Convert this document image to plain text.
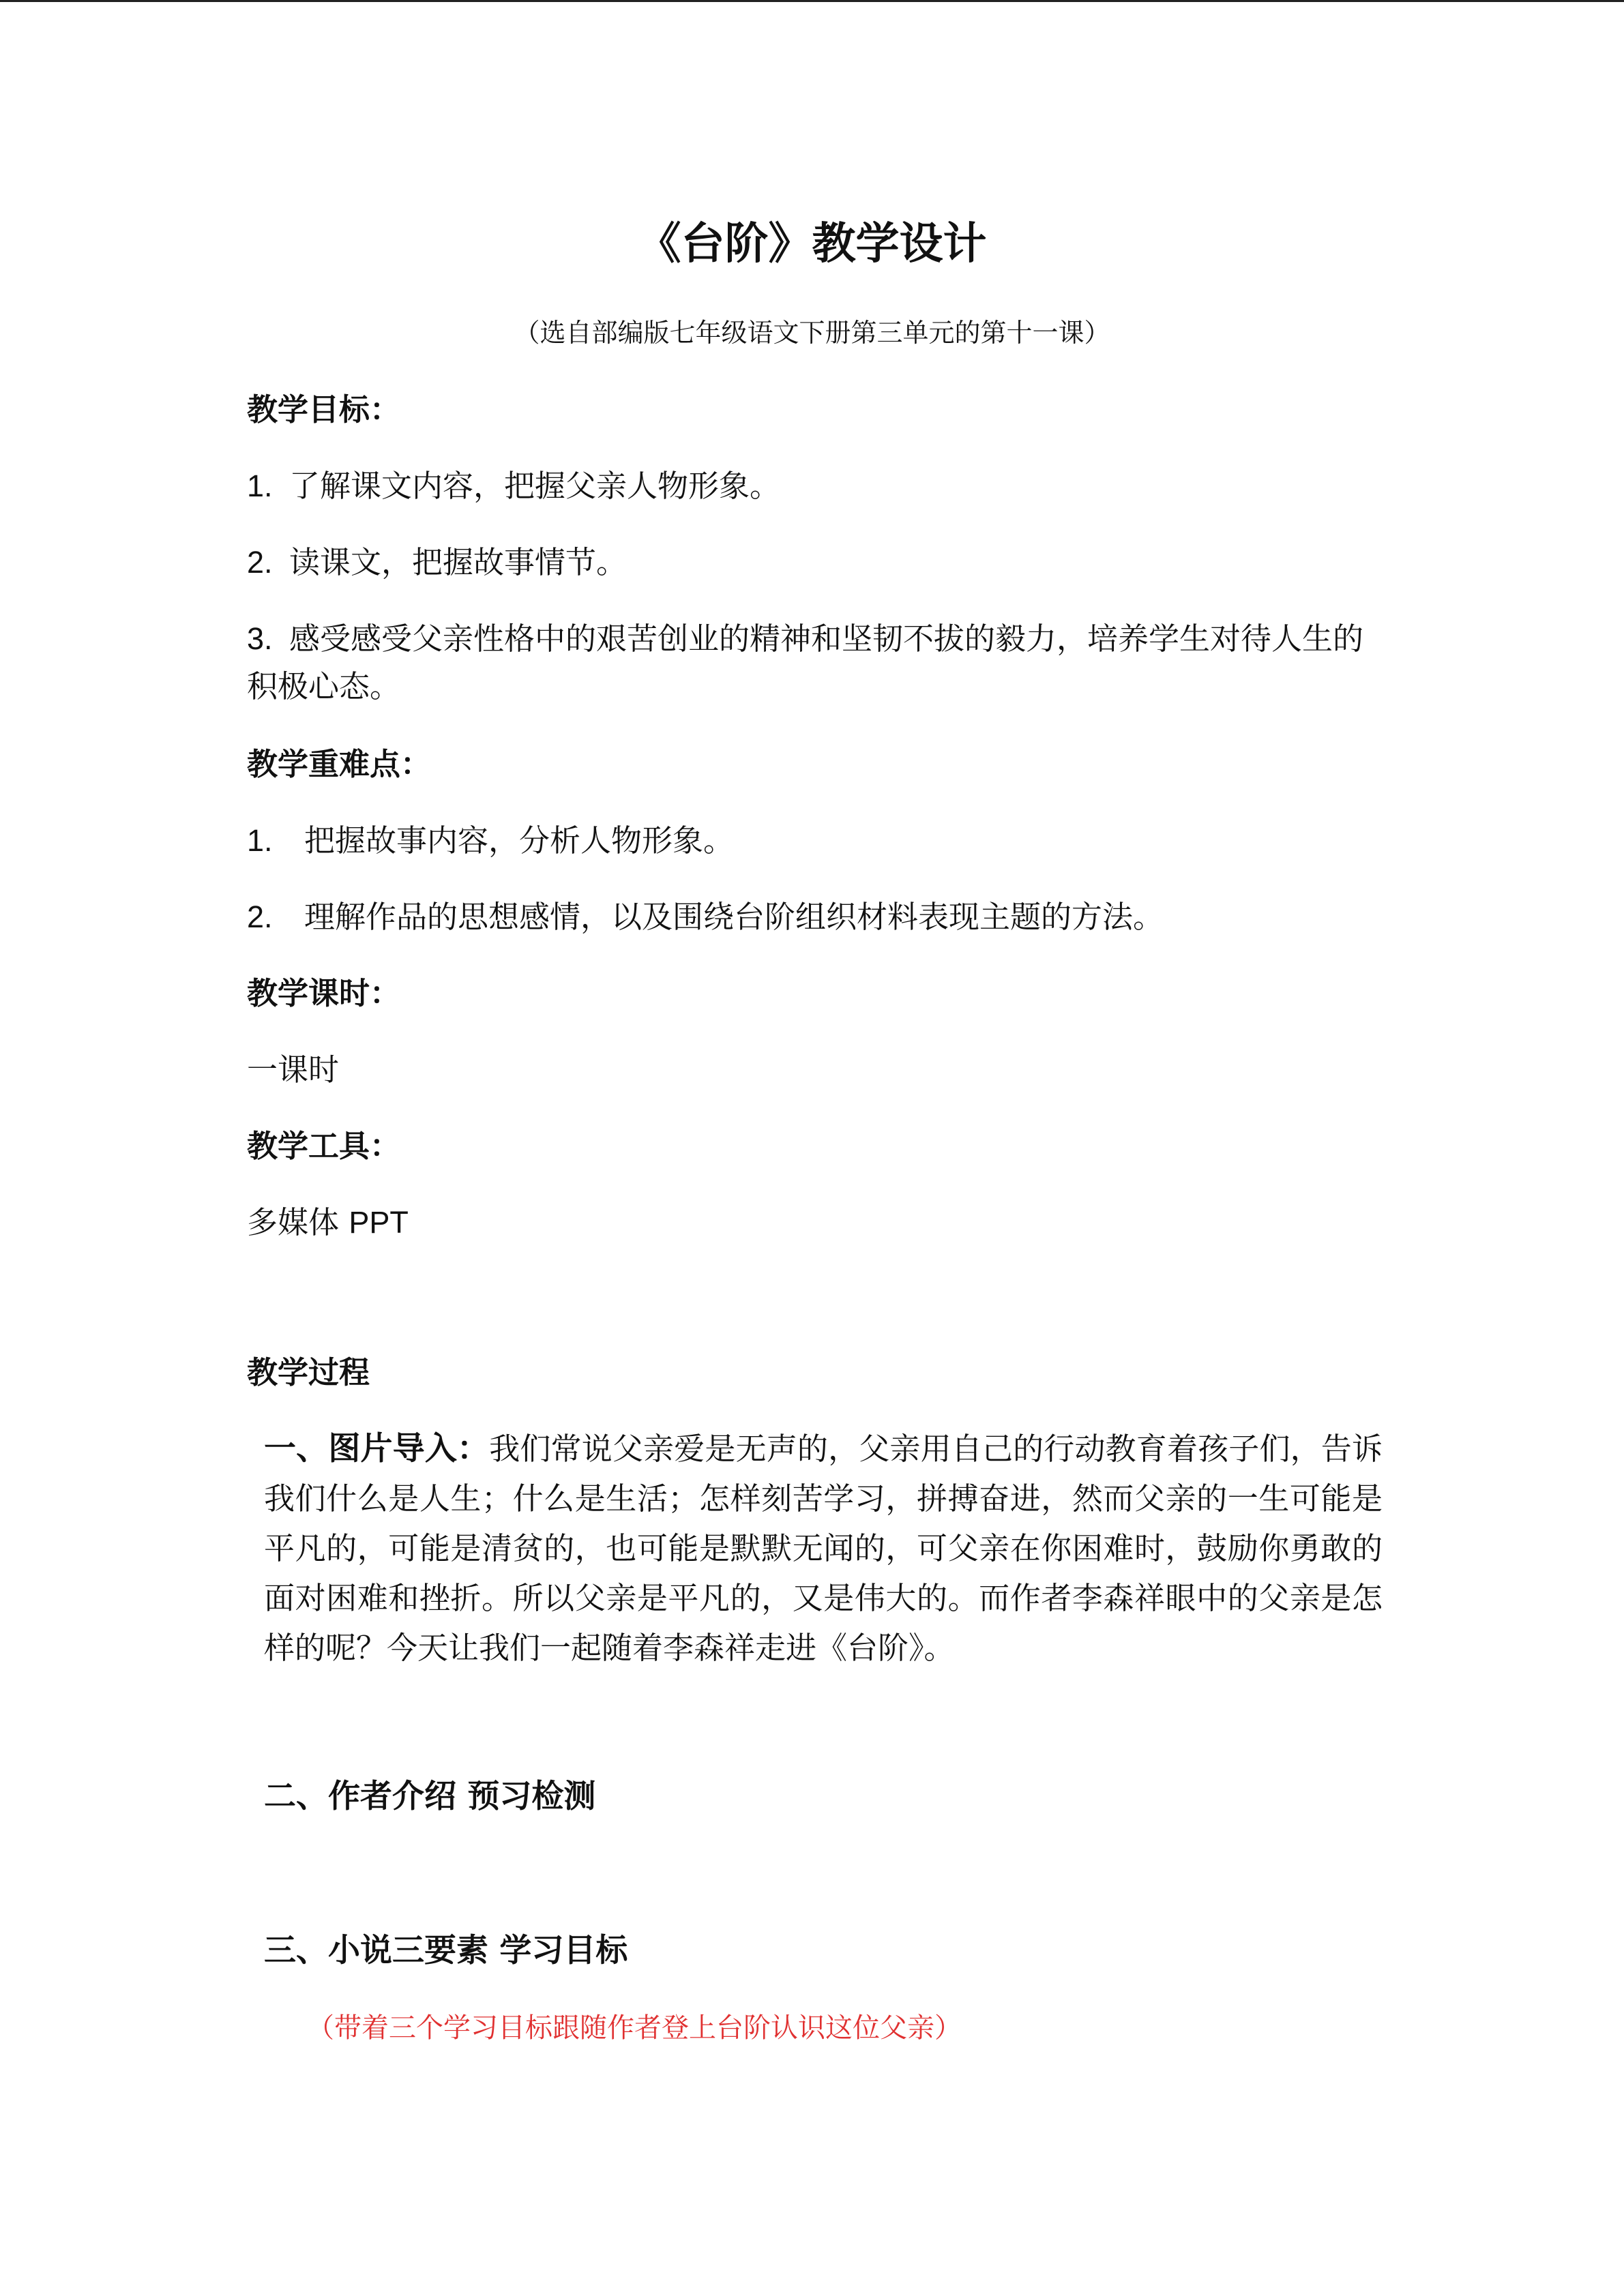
《台阶》教学设计
（选自部编版七年级语文下册第三单元的第十一课）
教学目标：
1. 了解课文内容，把握父亲人物形象。
2. 读课文，把握故事情节。
3. 感受感受父亲性格中的艰苦创业的精神和坚韧不拔的毅力，培养学生对待人生的积极心态。
教学重难点：
1. 把握故事内容，分析人物形象。
2. 理解作品的思想感情，以及围绕台阶组织材料表现主题的方法。
教学课时：
一课时
教学工具：
多媒体 PPT
教学过程
一、图片导入：我们常说父亲爱是无声的，父亲用自己的行动教育着孩子们，告诉我们什么是人生；什么是生活；怎样刻苦学习，拼搏奋进，然而父亲的一生可能是平凡的，可能是清贫的，也可能是默默无闻的，可父亲在你困难时，鼓励你勇敢的面对困难和挫折。所以父亲是平凡的，又是伟大的。而作者李森祥眼中的父亲是怎样的呢？今天让我们一起随着李森祥走进《台阶》。
二、作者介绍 预习检测
三、小说三要素 学习目标
（带着三个学习目标跟随作者登上台阶认识这位父亲）
